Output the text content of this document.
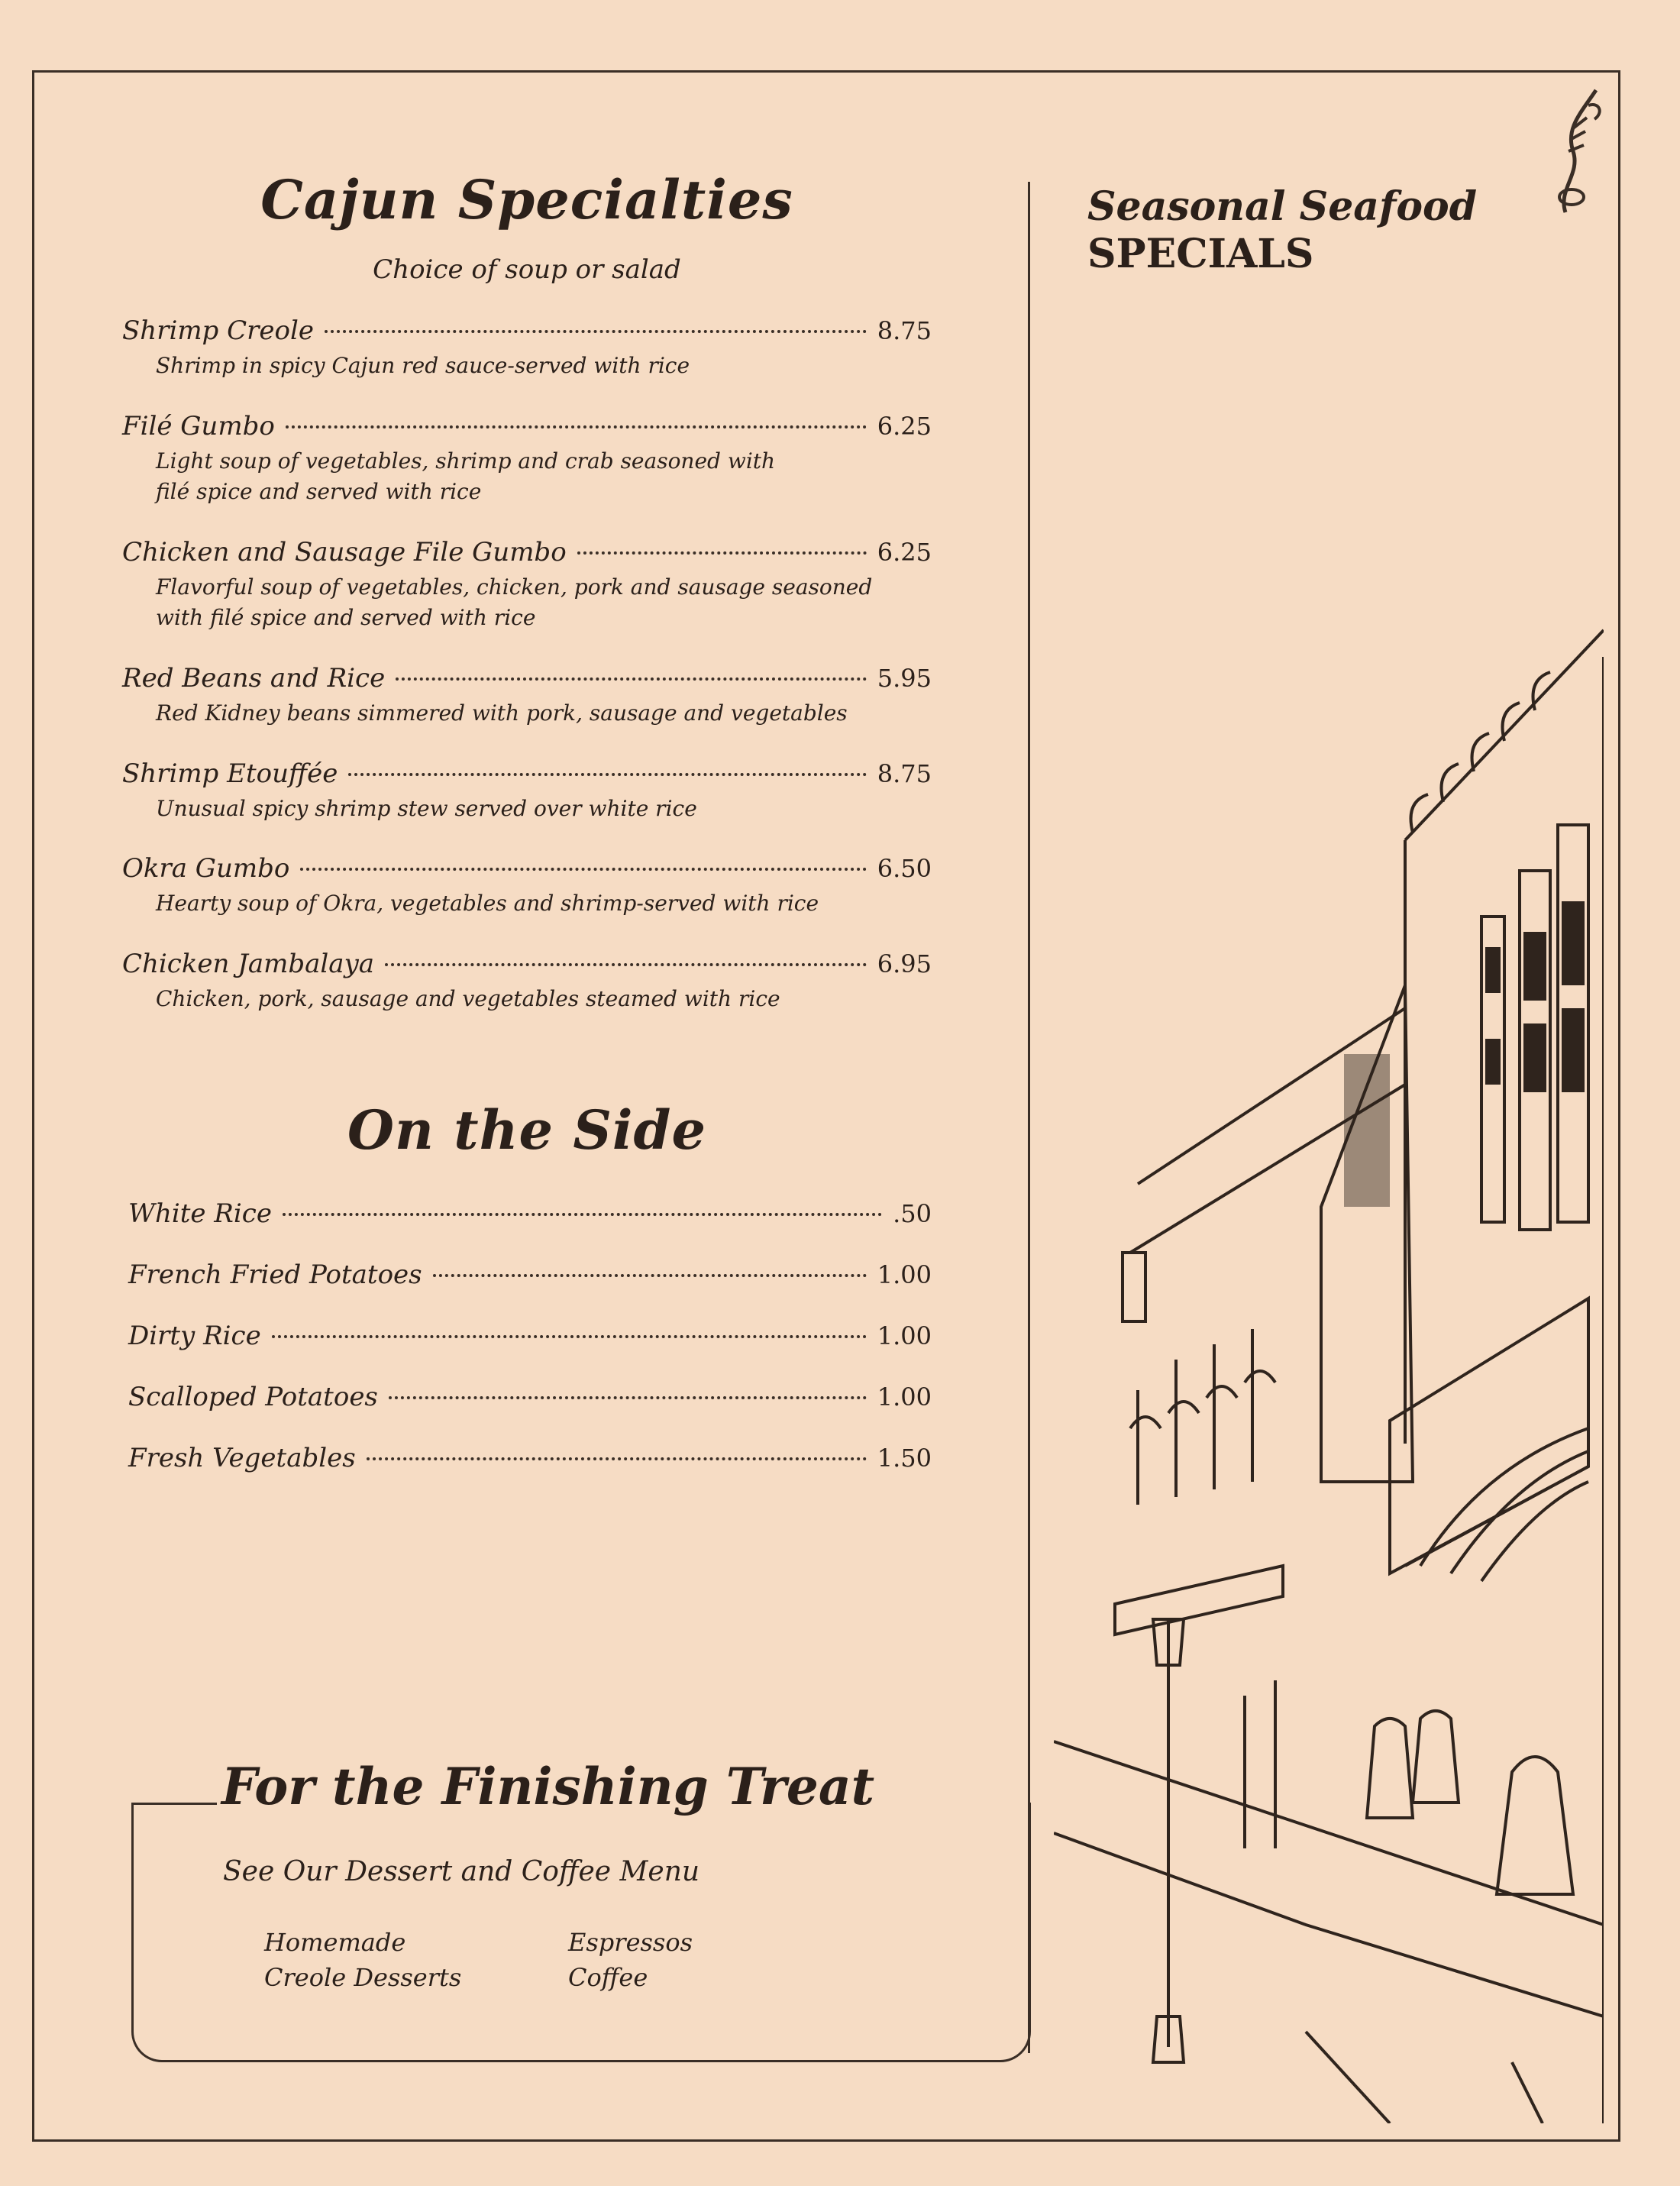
Cajun Specialties
Choice of soup or salad
Shrimp Creole	8.75
Shrimp in spicy Cajun red sauce-served with rice
Filé Gumbo	6.25
Light soup of vegetables, shrimp and crab seasoned with filé spice and served with rice
Chicken and Sausage File Gumbo	6.25
Flavorful soup of vegetables, chicken, pork and sausage seasoned with filé spice and served with rice
Red Beans and Rice	5.95
Red Kidney beans simmered with pork, sausage and vegetables
Shrimp Etouffée	8.75
Unusual spicy shrimp stew served over white rice
Okra Gumbo	6.50
Hearty soup of Okra, vegetables and shrimp-served with rice
Chicken Jambalaya	6.95
Chicken, pork, sausage and vegetables steamed with rice
On the Side
White Rice	.50
French Fried Potatoes	1.00
Dirty Rice	1.00
Scalloped Potatoes	1.00
Fresh Vegetables	1.50
For the Finishing Treat
See Our Dessert and Coffee Menu
Homemade
Creole Desserts
Espressos
Coffee
Seasonal Seafood
SPECIALS
